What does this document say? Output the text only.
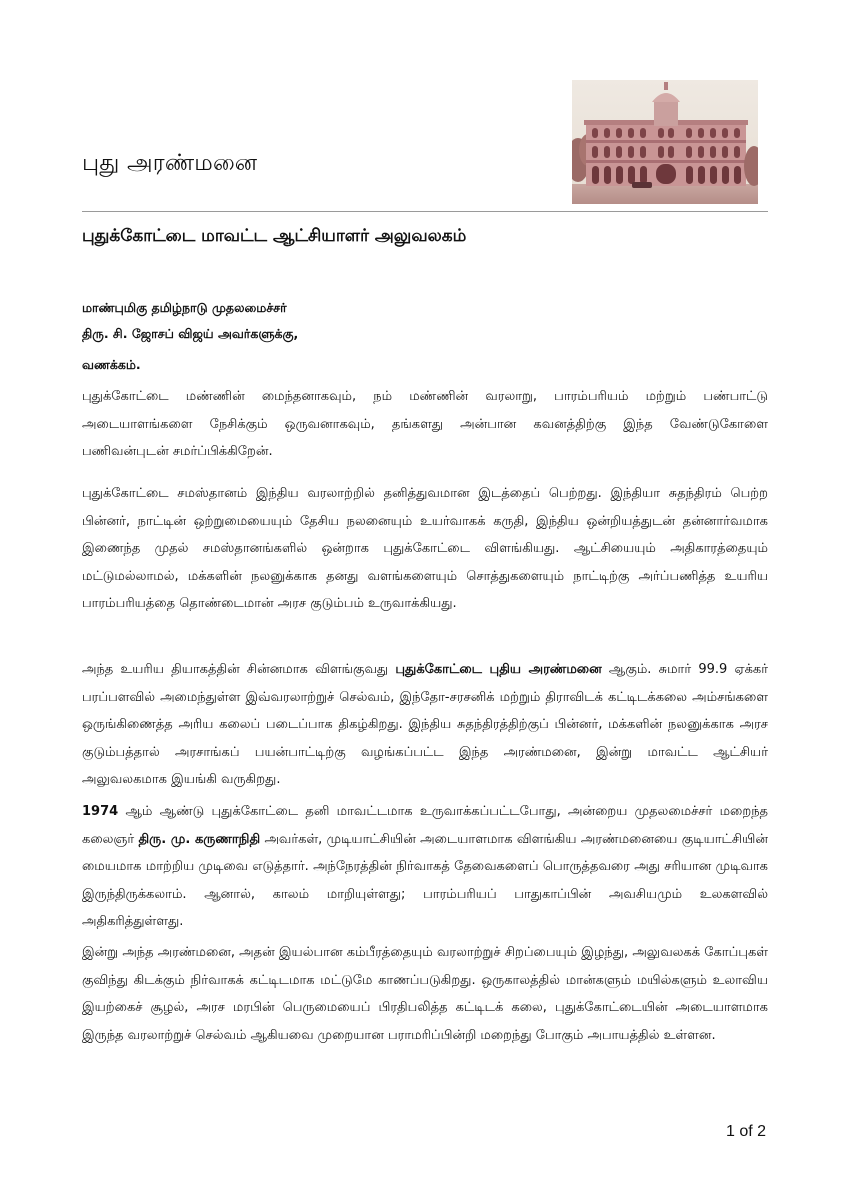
புது அரண்மனை
புதுக்கோட்டை மாவட்ட ஆட்சியாளர் அலுவலகம்
மாண்புமிகு தமிழ்நாடு முதலமைச்சர்
திரு. சி. ஜோசப் விஜய் அவர்களுக்கு,
வணக்கம்.

புதுக்கோட்டை மண்ணின் மைந்தனாகவும், நம் மண்ணின் வரலாறு, பாரம்பரியம் மற்றும் பண்பாட்டு அடையாளங்களை நேசிக்கும் ஒருவனாகவும், தங்களது அன்பான கவனத்திற்கு இந்த வேண்டுகோளை பணிவன்புடன் சமர்ப்பிக்கிறேன்.

புதுக்கோட்டை சமஸ்தானம் இந்திய வரலாற்றில் தனித்துவமான இடத்தைப் பெற்றது. இந்தியா சுதந்திரம் பெற்ற பின்னர், நாட்டின் ஒற்றுமையையும் தேசிய நலனையும் உயர்வாகக் கருதி, இந்திய ஒன்றியத்துடன் தன்னார்வமாக இணைந்த முதல் சமஸ்தானங்களில் ஒன்றாக புதுக்கோட்டை விளங்கியது. ஆட்சியையும் அதிகாரத்தையும் மட்டுமல்லாமல், மக்களின் நலனுக்காக தனது வளங்களையும் சொத்துகளையும் நாட்டிற்கு அர்ப்பணித்த உயரிய பாரம்பரியத்தை தொண்டைமான் அரச குடும்பம் உருவாக்கியது.

அந்த உயரிய தியாகத்தின் சின்னமாக விளங்குவது புதுக்கோட்டை புதிய அரண்மனை ஆகும். சுமார் 99.9 ஏக்கர் பரப்பளவில் அமைந்துள்ள இவ்வரலாற்றுச் செல்வம், இந்தோ-சரசனிக் மற்றும் திராவிடக் கட்டிடக்கலை அம்சங்களை ஒருங்கிணைத்த அரிய கலைப் படைப்பாக திகழ்கிறது. இந்திய சுதந்திரத்திற்குப் பின்னர், மக்களின் நலனுக்காக அரச குடும்பத்தால் அரசாங்கப் பயன்பாட்டிற்கு வழங்கப்பட்ட இந்த அரண்மனை, இன்று மாவட்ட ஆட்சியர் அலுவலகமாக இயங்கி வருகிறது.

1974 ஆம் ஆண்டு புதுக்கோட்டை தனி மாவட்டமாக உருவாக்கப்பட்டபோது, அன்றைய முதலமைச்சர் மறைந்த கலைஞர் திரு. மு. கருணாநிதி அவர்கள், முடியாட்சியின் அடையாளமாக விளங்கிய அரண்மனையை குடியாட்சியின் மையமாக மாற்றிய முடிவை எடுத்தார். அந்நேரத்தின் நிர்வாகத் தேவைகளைப் பொருத்தவரை அது சரியான முடிவாக இருந்திருக்கலாம். ஆனால், காலம் மாறியுள்ளது; பாரம்பரியப் பாதுகாப்பின் அவசியமும் உலகளவில் அதிகரித்துள்ளது.

இன்று அந்த அரண்மனை, அதன் இயல்பான கம்பீரத்தையும் வரலாற்றுச் சிறப்பையும் இழந்து, அலுவலகக் கோப்புகள் குவிந்து கிடக்கும் நிர்வாகக் கட்டிடமாக மட்டுமே காணப்படுகிறது. ஒருகாலத்தில் மான்களும் மயில்களும் உலாவிய இயற்கைச் சூழல், அரச மரபின் பெருமையைப் பிரதிபலித்த கட்டிடக் கலை, புதுக்கோட்டையின் அடையாளமாக இருந்த வரலாற்றுச் செல்வம் ஆகியவை முறையான பராமரிப்பின்றி மறைந்து போகும் அபாயத்தில் உள்ளன.

1 of 2
